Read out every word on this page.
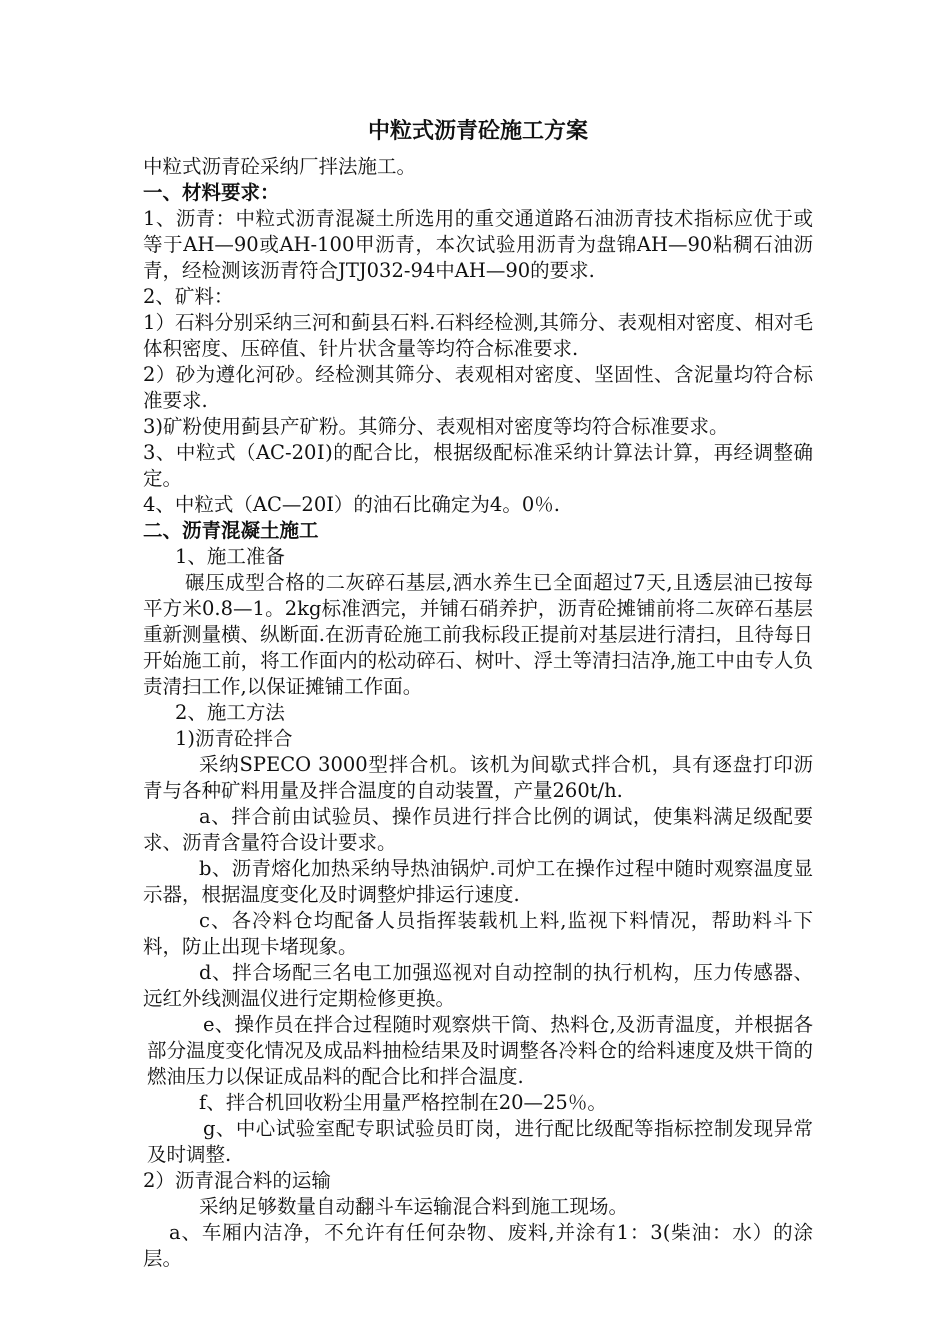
中粒式沥青砼施工方案

中粒式沥青砼采纳厂拌法施工。

一、材料要求：

1、沥青：中粒式沥青混凝土所选用的重交通道路石油沥青技术指标应优于或等于AH—90或AH-100甲沥青，本次试验用沥青为盘锦AH—90粘稠石油沥青，经检测该沥青符合JTJ032-94中AH—90的要求.

2、矿料：

1）石料分别采纳三河和蓟县石料.石料经检测,其筛分、表观相对密度、相对毛体积密度、压碎值、针片状含量等均符合标准要求.

2）砂为遵化河砂。经检测其筛分、表观相对密度、坚固性、含泥量均符合标准要求.

3)矿粉使用蓟县产矿粉。其筛分、表观相对密度等均符合标准要求。

3、中粒式（AC-20Ⅰ)的配合比，根据级配标准采纳计算法计算，再经调整确定。

4、中粒式（AC—20Ⅰ）的油石比确定为4。0％.

二、沥青混凝土施工

1、施工准备

碾压成型合格的二灰碎石基层,洒水养生已全面超过7天,且透层油已按每平方米0.8—1。2kg标准洒完，并铺石硝养护，沥青砼摊铺前将二灰碎石基层重新测量横、纵断面.在沥青砼施工前我标段正提前对基层进行清扫，且待每日开始施工前，将工作面内的松动碎石、树叶、浮土等清扫洁净,施工中由专人负责清扫工作,以保证摊铺工作面。

2、施工方法

1)沥青砼拌合

采纳SPECO 3000型拌合机。该机为间歇式拌合机，具有逐盘打印沥青与各种矿料用量及拌合温度的自动装置，产量260t/h.

a、拌合前由试验员、操作员进行拌合比例的调试，使集料满足级配要求、沥青含量符合设计要求。

b、沥青熔化加热采纳导热油锅炉.司炉工在操作过程中随时观察温度显示器，根据温度变化及时调整炉排运行速度.

c、各冷料仓均配备人员指挥装载机上料,监视下料情况，帮助料斗下料，防止出现卡堵现象。

d、拌合场配三名电工加强巡视对自动控制的执行机构，压力传感器、远红外线测温仪进行定期检修更换。

e、操作员在拌合过程随时观察烘干筒、热料仓,及沥青温度，并根据各部分温度变化情况及成品料抽检结果及时调整各冷料仓的给料速度及烘干筒的燃油压力以保证成品料的配合比和拌合温度.

f、拌合机回收粉尘用量严格控制在20—25％。

g、中心试验室配专职试验员盯岗，进行配比级配等指标控制发现异常及时调整.

2）沥青混合料的运输

采纳足够数量自动翻斗车运输混合料到施工现场。

a、车厢内洁净，不允许有任何杂物、废料,并涂有1：3(柴油：水）的涂层。
